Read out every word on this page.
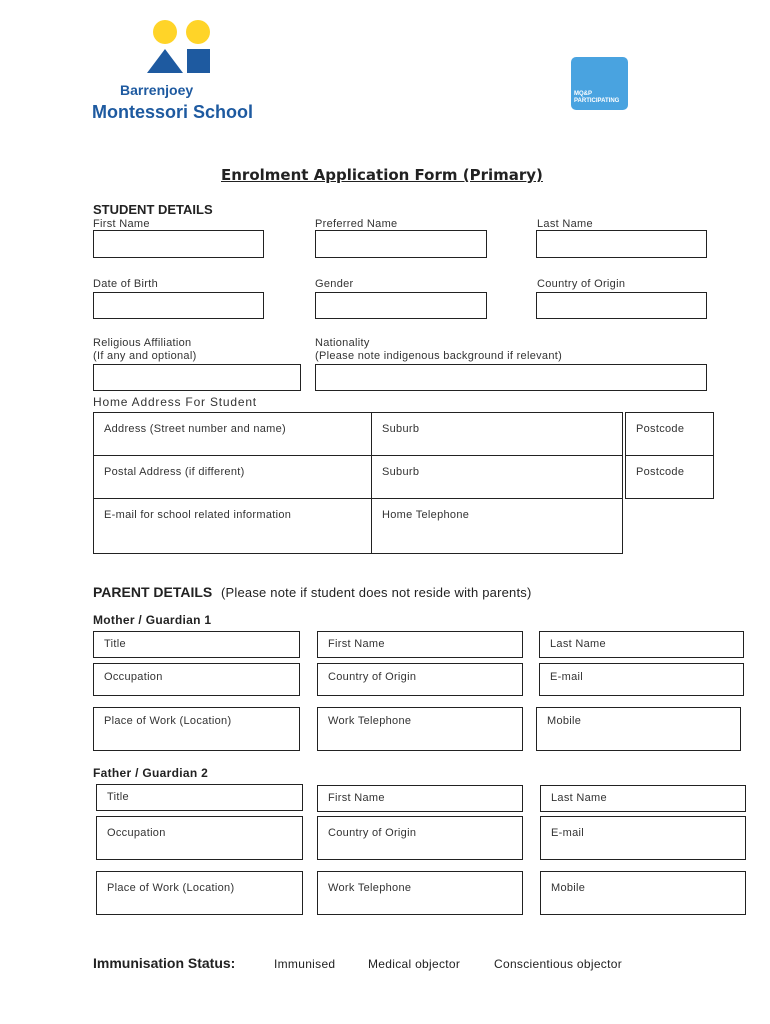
Barrenjoey
Montessori School
MQ&P PARTICIPATING
Enrolment Application Form (Primary)
STUDENT DETAILS
First Name	Preferred Name	Last Name
Date of Birth	Gender	Country of Origin
Religious Affiliation
(If any and optional)
Nationality
(Please note indigenous background if relevant)
Home Address For Student
Address (Street number and name)	Suburb	Postcode
Postal Address (if different)	Suburb	Postcode
E-mail for school related information	Home Telephone
PARENT DETAILS (Please note if student does not reside with parents)
Mother / Guardian 1
Title	First Name	Last Name
Occupation	Country of Origin	E-mail
Place of Work (Location)	Work Telephone	Mobile
Father / Guardian 2
Title	First Name	Last Name
Occupation	Country of Origin	E-mail
Place of Work (Location)	Work Telephone	Mobile
Immunisation Status:	Immunised	Medical objector	Conscientious objector
